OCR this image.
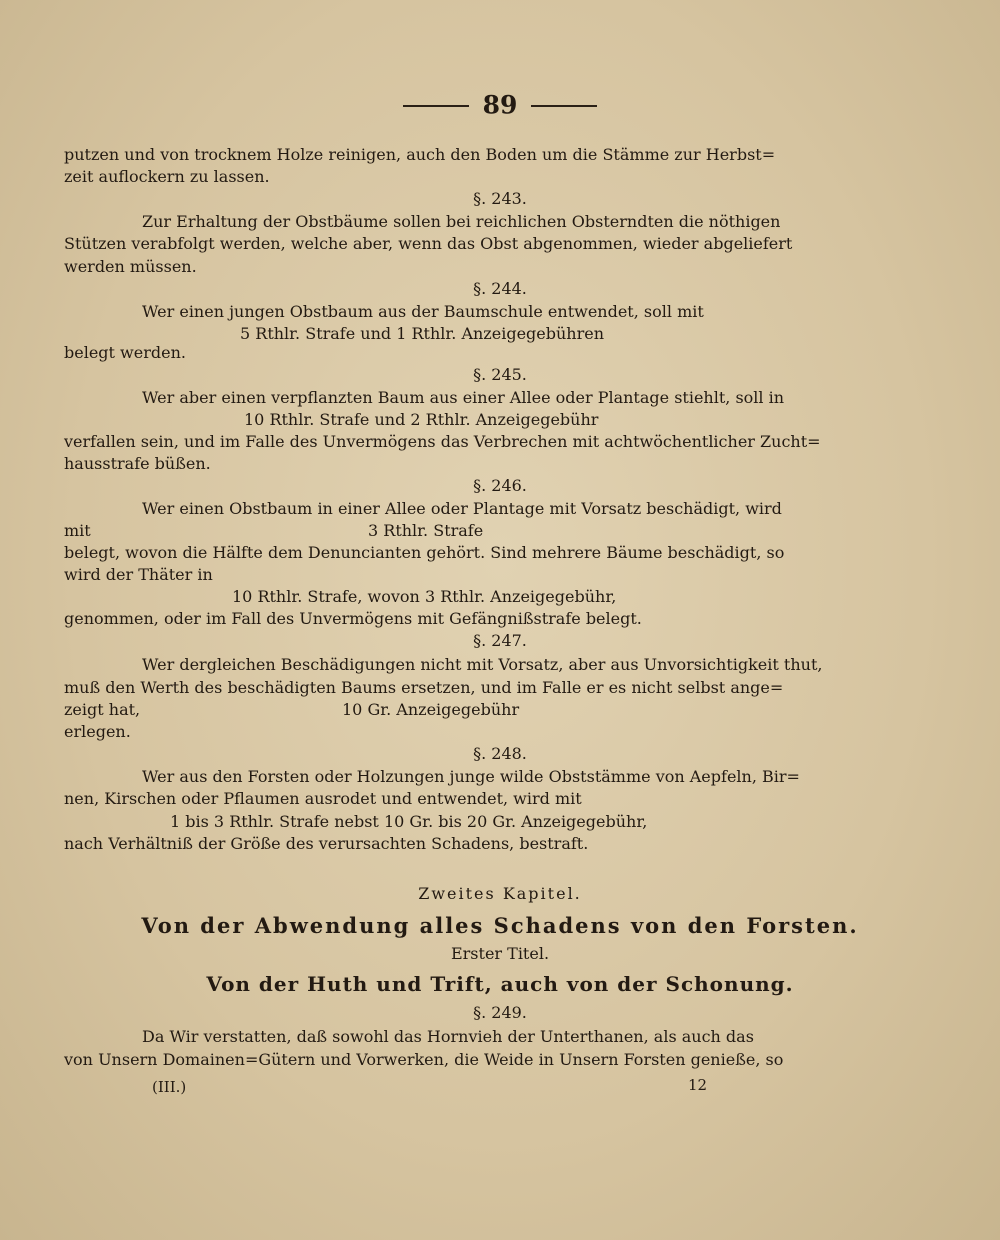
89
putzen und von trocknem Holze reinigen, auch den Boden um die Stämme zur Herbst=
zeit auflockern zu lassen.
§. 243.
Zur Erhaltung der Obstbäume sollen bei reichlichen Obsterndten die nöthigen
Stützen verabfolgt werden, welche aber, wenn das Obst abgenommen, wieder abgeliefert
werden müssen.
§. 244.
Wer einen jungen Obstbaum aus der Baumschule entwendet, soll mit
5 Rthlr. Strafe und 1 Rthlr. Anzeigegebühren
belegt werden.
§. 245.
Wer aber einen verpflanzten Baum aus einer Allee oder Plantage stiehlt, soll in
10 Rthlr. Strafe und 2 Rthlr. Anzeigegebühr
verfallen sein, und im Falle des Unvermögens das Verbrechen mit achtwöchentlicher Zucht=
hausstrafe büßen.
§. 246.
Wer einen Obstbaum in einer Allee oder Plantage mit Vorsatz beschädigt, wird
mit	3 Rthlr. Strafe
belegt, wovon die Hälfte dem Denuncianten gehört. Sind mehrere Bäume beschädigt, so
wird der Thäter in
10 Rthlr. Strafe, wovon 3 Rthlr. Anzeigegebühr,
genommen, oder im Fall des Unvermögens mit Gefängnißstrafe belegt.
§. 247.
Wer dergleichen Beschädigungen nicht mit Vorsatz, aber aus Unvorsichtigkeit thut,
muß den Werth des beschädigten Baums ersetzen, und im Falle er es nicht selbst ange=
zeigt hat,	10 Gr. Anzeigegebühr
erlegen.
§. 248.
Wer aus den Forsten oder Holzungen junge wilde Obststämme von Aepfeln, Bir=
nen, Kirschen oder Pflaumen ausrodet und entwendet, wird mit
1 bis 3 Rthlr. Strafe nebst 10 Gr. bis 20 Gr. Anzeigegebühr,
nach Verhältniß der Größe des verursachten Schadens, bestraft.
Zweites Kapitel.
Von der Abwendung alles Schadens von den Forsten.
Erster Titel.
Von der Huth und Trift, auch von der Schonung.
§. 249.
Da Wir verstatten, daß sowohl das Hornvieh der Unterthanen, als auch das
von Unsern Domainen=Gütern und Vorwerken, die Weide in Unsern Forsten genieße, so
(III.)	12
